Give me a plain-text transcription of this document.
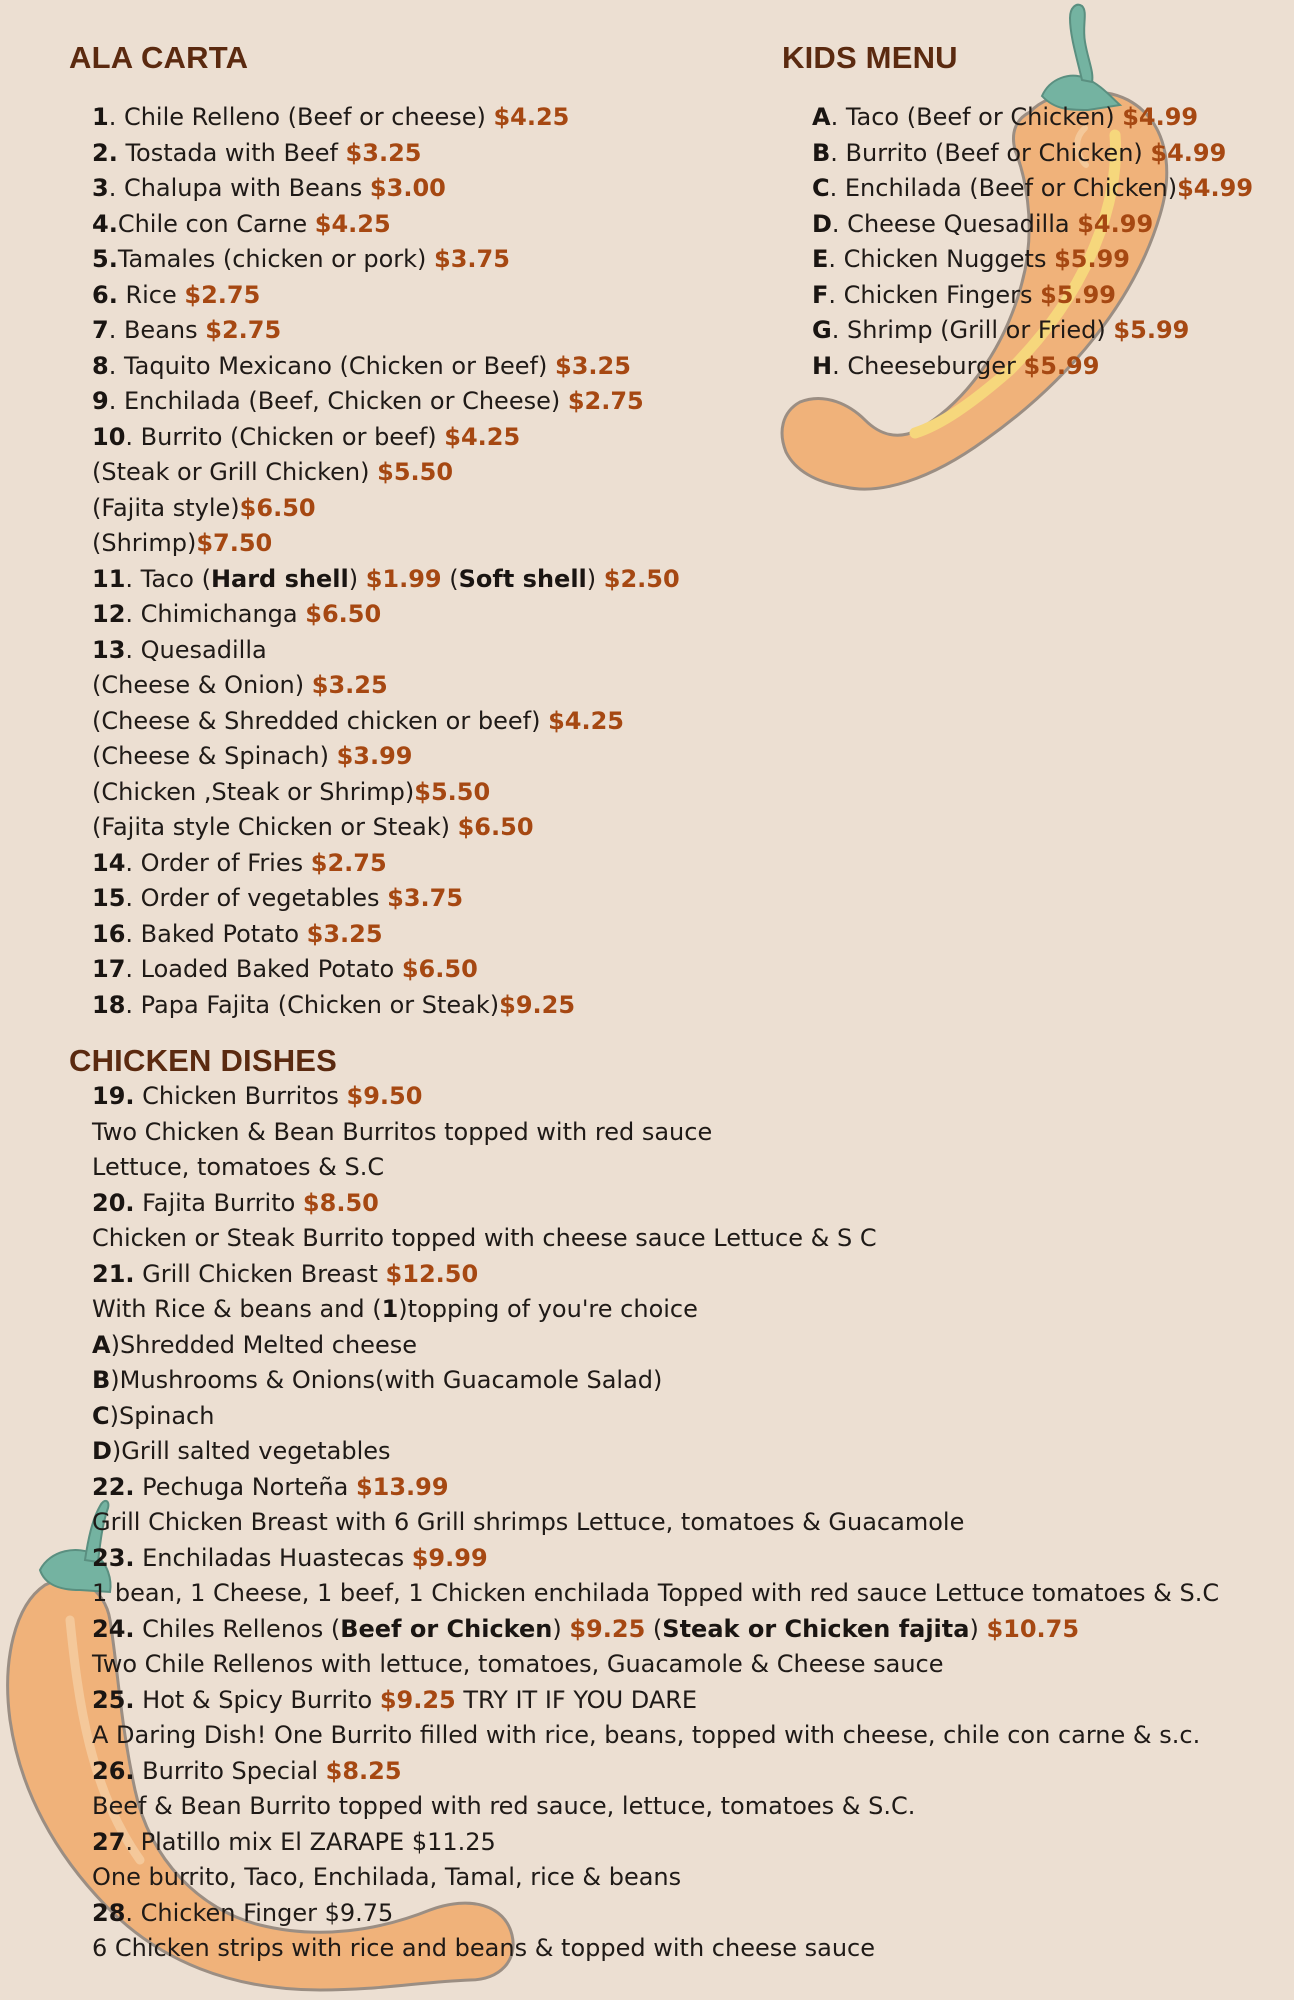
ALA CARTA
1. Chile Relleno (Beef or cheese) $4.25
2. Tostada with Beef $3.25
3. Chalupa with Beans $3.00
4.Chile con Carne $4.25
5.Tamales (chicken or pork) $3.75
6. Rice $2.75
7. Beans $2.75
8. Taquito Mexicano (Chicken or Beef) $3.25
9. Enchilada (Beef, Chicken or Cheese) $2.75
10. Burrito (Chicken or beef) $4.25
(Steak or Grill Chicken) $5.50
(Fajita style)$6.50
(Shrimp)$7.50
11. Taco (Hard shell) $1.99 (Soft shell) $2.50
12. Chimichanga $6.50
13. Quesadilla
(Cheese & Onion) $3.25
(Cheese & Shredded chicken or beef) $4.25
(Cheese & Spinach) $3.99
(Chicken ,Steak or Shrimp)$5.50
(Fajita style Chicken or Steak) $6.50
14. Order of Fries $2.75
15. Order of vegetables $3.75
16. Baked Potato $3.25
17. Loaded Baked Potato $6.50
18. Papa Fajita (Chicken or Steak)$9.25
KIDS MENU
A. Taco (Beef or Chicken) $4.99
B. Burrito (Beef or Chicken) $4.99
C. Enchilada (Beef or Chicken)$4.99
D. Cheese Quesadilla $4.99
E. Chicken Nuggets $5.99
F. Chicken Fingers $5.99
G. Shrimp (Grill or Fried) $5.99
H. Cheeseburger $5.99
CHICKEN DISHES
19. Chicken Burritos $9.50
Two Chicken & Bean Burritos topped with red sauce
Lettuce, tomatoes & S.C
20. Fajita Burrito $8.50
Chicken or Steak Burrito topped with cheese sauce Lettuce & S C
21. Grill Chicken Breast $12.50
With Rice & beans and (1)topping of you're choice
A)Shredded Melted cheese
B)Mushrooms & Onions(with Guacamole Salad)
C)Spinach
D)Grill salted vegetables
22. Pechuga Norteña $13.99
Grill Chicken Breast with 6 Grill shrimps Lettuce, tomatoes & Guacamole
23. Enchiladas Huastecas $9.99
1 bean, 1 Cheese, 1 beef, 1 Chicken enchilada Topped with red sauce Lettuce tomatoes & S.C
24. Chiles Rellenos (Beef or Chicken) $9.25 (Steak or Chicken fajita) $10.75
Two Chile Rellenos with lettuce, tomatoes, Guacamole & Cheese sauce
25. Hot & Spicy Burrito $9.25 TRY IT IF YOU DARE
A Daring Dish! One Burrito filled with rice, beans, topped with cheese, chile con carne & s.c.
26. Burrito Special $8.25
Beef & Bean Burrito topped with red sauce, lettuce, tomatoes & S.C.
27. Platillo mix El ZARAPE $11.25
One burrito, Taco, Enchilada, Tamal, rice & beans
28. Chicken Finger $9.75
6 Chicken strips with rice and beans & topped with cheese sauce
